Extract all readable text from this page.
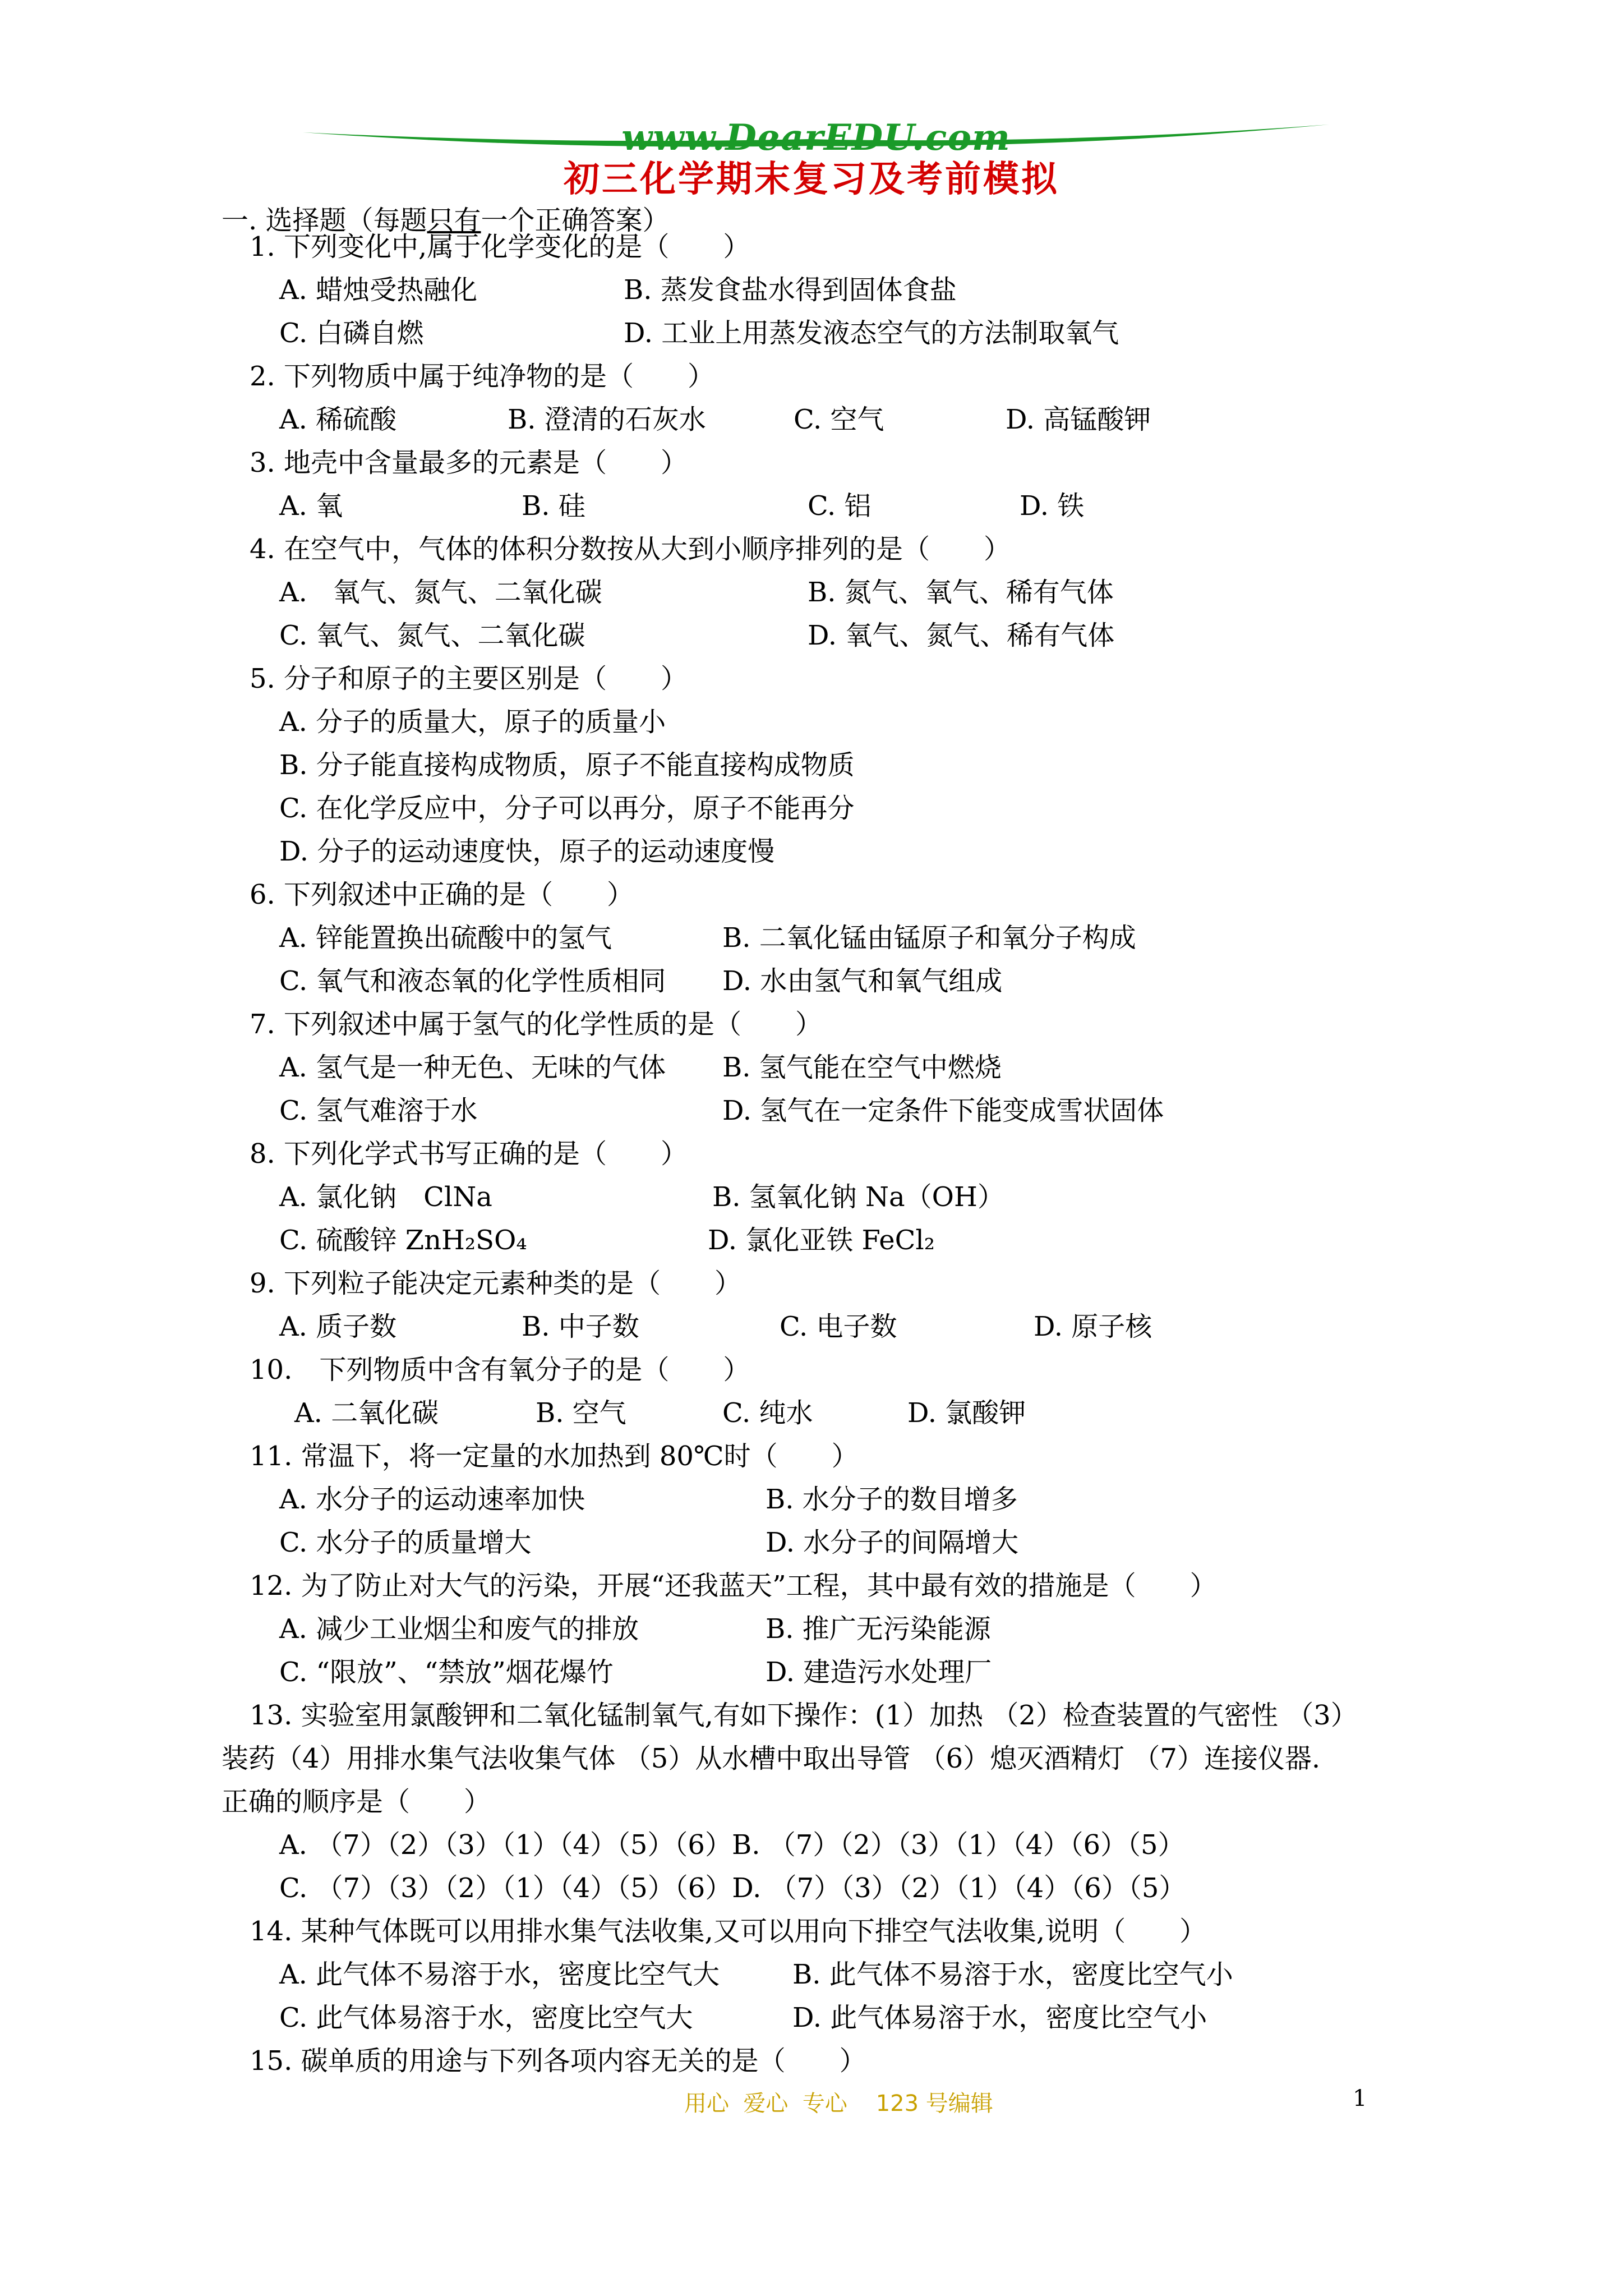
www.DearEDU.com
初三化学期末复习及考前模拟
一. 选择题（每题只有一个正确答案）
1. 下列变化中,属于化学变化的是（　　）
A. 蜡烛受热融化	B. 蒸发食盐水得到固体食盐
C. 白磷自燃	D. 工业上用蒸发液态空气的方法制取氧气
2. 下列物质中属于纯净物的是（　　）
A. 稀硫酸	B. 澄清的石灰水	C. 空气	D. 高锰酸钾
3. 地壳中含量最多的元素是（　　）
A. 氧	B. 硅	C. 铝	D. 铁
4. 在空气中，气体的体积分数按从大到小顺序排列的是（　　）
A.   氧气、氮气、二氧化碳	B. 氮气、氧气、稀有气体
C. 氧气、氮气、二氧化碳	D. 氧气、氮气、稀有气体
5. 分子和原子的主要区别是（　　）
A. 分子的质量大，原子的质量小
B. 分子能直接构成物质，原子不能直接构成物质
C. 在化学反应中，分子可以再分，原子不能再分
D. 分子的运动速度快，原子的运动速度慢
6. 下列叙述中正确的是（　　）
A. 锌能置换出硫酸中的氢气	B. 二氧化锰由锰原子和氧分子构成
C. 氧气和液态氧的化学性质相同 D. 水由氢气和氧气组成
7. 下列叙述中属于氢气的化学性质的是（　　）
A. 氢气是一种无色、无味的气体 B. 氢气能在空气中燃烧
C. 氢气难溶于水	D. 氢气在一定条件下能变成雪状固体
8. 下列化学式书写正确的是（　　）
A. 氯化钠　ClNa	B. 氢氧化钠 Na（OH）
C. 硫酸锌 ZnH₂SO₄	D. 氯化亚铁 FeCl₂
9. 下列粒子能决定元素种类的是（　　）
A. 质子数	B. 中子数	C. 电子数	D. 原子核
10.　下列物质中含有氧分子的是（　　）
A. 二氧化碳	B. 空气	C. 纯水	D. 氯酸钾
11. 常温下，将一定量的水加热到 80℃时（　　）
A. 水分子的运动速率加快	B. 水分子的数目增多
C. 水分子的质量增大	D. 水分子的间隔增大
12. 为了防止对大气的污染，开展“还我蓝天”工程，其中最有效的措施是（　　）
A. 减少工业烟尘和废气的排放	B. 推广无污染能源
C. “限放”、“禁放”烟花爆竹	D. 建造污水处理厂
13. 实验室用氯酸钾和二氧化锰制氧气,有如下操作：(1）加热 （2）检查装置的气密性 （3）
装药（4）用排水集气法收集气体 （5）从水槽中取出导管 （6）熄灭酒精灯 （7）连接仪器.
正确的顺序是（　　）
A. （7）（2）（3）（1）（4）（5）（6）B. （7）（2）（3）（1）（4）（6）（5）
C. （7）（3）（2）（1）（4）（5）（6）D. （7）（3）（2）（1）（4）（6）（5）
14. 某种气体既可以用排水集气法收集,又可以用向下排空气法收集,说明（　　）
A. 此气体不易溶于水，密度比空气大	B. 此气体不易溶于水，密度比空气小
C. 此气体易溶于水，密度比空气大	D. 此气体易溶于水，密度比空气小
15. 碳单质的用途与下列各项内容无关的是（　　）
用心  爱心  专心    123 号编辑	1
